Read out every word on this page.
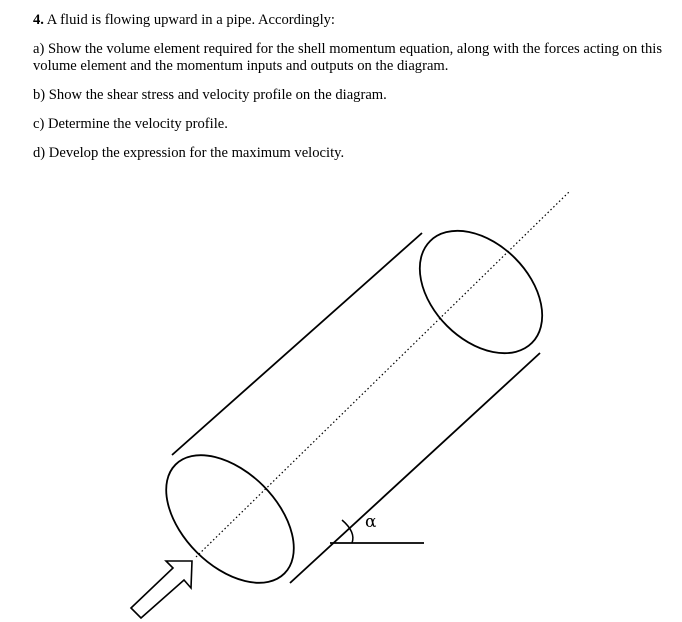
4. A fluid is flowing upward in a pipe. Accordingly:

a) Show the volume element required for the shell momentum equation, along with the forces acting on this volume element and the momentum inputs and outputs on the diagram.

b) Show the shear stress and velocity profile on the diagram.

c) Determine the velocity profile.

d) Develop the expression for the maximum velocity.

α
